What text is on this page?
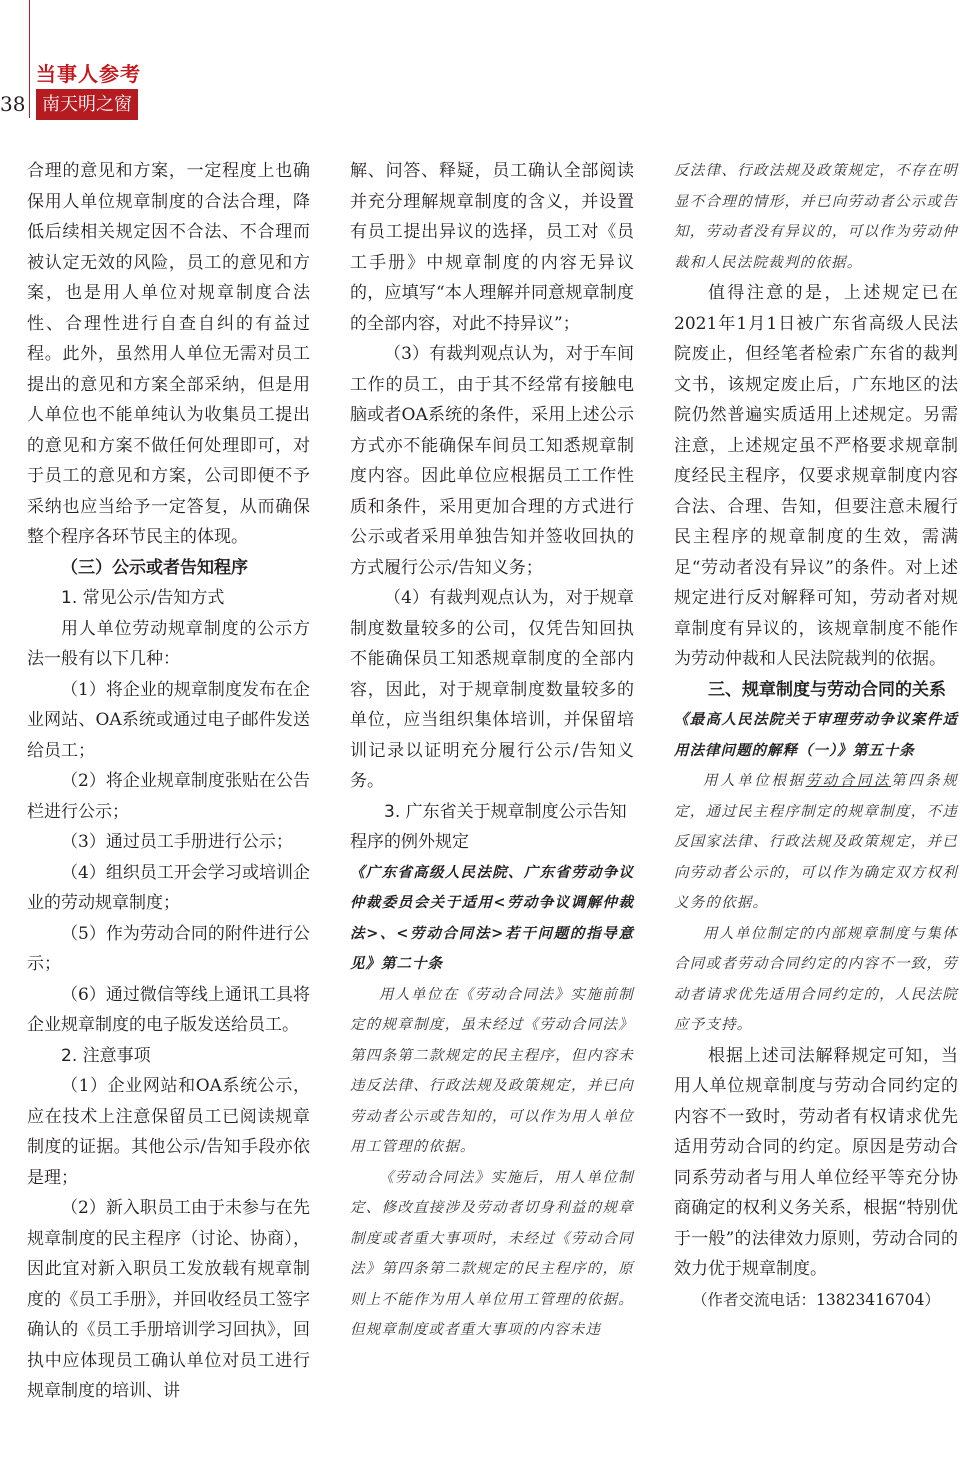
38
当事人参考
南天明之窗

合理的意见和方案，一定程度上也确保用人单位规章制度的合法合理，降低后续相关规定因不合法、不合理而被认定无效的风险，员工的意见和方案，也是用人单位对规章制度合法性、合理性进行自查自纠的有益过程。此外，虽然用人单位无需对员工提出的意见和方案全部采纳，但是用人单位也不能单纯认为收集员工提出的意见和方案不做任何处理即可，对于员工的意见和方案，公司即便不予采纳也应当给予一定答复，从而确保整个程序各环节民主的体现。

（三）公示或者告知程序

1. 常见公示/告知方式

用人单位劳动规章制度的公示方法一般有以下几种：

（1）将企业的规章制度发布在企业网站、OA系统或通过电子邮件发送给员工；

（2）将企业规章制度张贴在公告栏进行公示；

（3）通过员工手册进行公示；

（4）组织员工开会学习或培训企业的劳动规章制度；

（5）作为劳动合同的附件进行公示；

（6）通过微信等线上通讯工具将企业规章制度的电子版发送给员工。

2. 注意事项

（1）企业网站和OA系统公示，应在技术上注意保留员工已阅读规章制度的证据。其他公示/告知手段亦依是理；

（2）新入职员工由于未参与在先规章制度的民主程序（讨论、协商），因此宜对新入职员工发放载有规章制度的《员工手册》，并回收经员工签字确认的《员工手册培训学习回执》，回执中应体现员工确认单位对员工进行规章制度的培训、讲

解、问答、释疑，员工确认全部阅读并充分理解规章制度的含义，并设置有员工提出异议的选择，员工对《员工手册》中规章制度的内容无异议的，应填写“本人理解并同意规章制度的全部内容，对此不持异议”；

（3）有裁判观点认为，对于车间工作的员工，由于其不经常有接触电脑或者OA系统的条件，采用上述公示方式亦不能确保车间员工知悉规章制度内容。因此单位应根据员工工作性质和条件，采用更加合理的方式进行公示或者采用单独告知并签收回执的方式履行公示/告知义务；

（4）有裁判观点认为，对于规章制度数量较多的公司，仅凭告知回执不能确保员工知悉规章制度的全部内容，因此，对于规章制度数量较多的单位，应当组织集体培训，并保留培训记录以证明充分履行公示/告知义务。

3. 广东省关于规章制度公示告知程序的例外规定

《广东省高级人民法院、广东省劳动争议仲裁委员会关于适用<劳动争议调解仲裁法>、<劳动合同法>若干问题的指导意见》第二十条

用人单位在《劳动合同法》实施前制定的规章制度，虽未经过《劳动合同法》第四条第二款规定的民主程序，但内容未违反法律、行政法规及政策规定，并已向劳动者公示或告知的，可以作为用人单位用工管理的依据。

《劳动合同法》实施后，用人单位制定、修改直接涉及劳动者切身利益的规章制度或者重大事项时，未经过《劳动合同法》第四条第二款规定的民主程序的，原则上不能作为用人单位用工管理的依据。但规章制度或者重大事项的内容未违

反法律、行政法规及政策规定，不存在明显不合理的情形，并已向劳动者公示或告知，劳动者没有异议的，可以作为劳动仲裁和人民法院裁判的依据。

值得注意的是，上述规定已在2021年1月1日被广东省高级人民法院废止，但经笔者检索广东省的裁判文书，该规定废止后，广东地区的法院仍然普遍实质适用上述规定。另需注意，上述规定虽不严格要求规章制度经民主程序，仅要求规章制度内容合法、合理、告知，但要注意未履行民主程序的规章制度的生效，需满足“劳动者没有异议”的条件。对上述规定进行反对解释可知，劳动者对规章制度有异议的，该规章制度不能作为劳动仲裁和人民法院裁判的依据。

三、规章制度与劳动合同的关系

《最高人民法院关于审理劳动争议案件适用法律问题的解释（一）》第五十条

用人单位根据劳动合同法第四条规定，通过民主程序制定的规章制度，不违反国家法律、行政法规及政策规定，并已向劳动者公示的，可以作为确定双方权利义务的依据。

用人单位制定的内部规章制度与集体合同或者劳动合同约定的内容不一致，劳动者请求优先适用合同约定的，人民法院应予支持。

根据上述司法解释规定可知，当用人单位规章制度与劳动合同约定的内容不一致时，劳动者有权请求优先适用劳动合同的约定。原因是劳动合同系劳动者与用人单位经平等充分协商确定的权利义务关系，根据“特别优于一般”的法律效力原则，劳动合同的效力优于规章制度。

（作者交流电话：13823416704）
